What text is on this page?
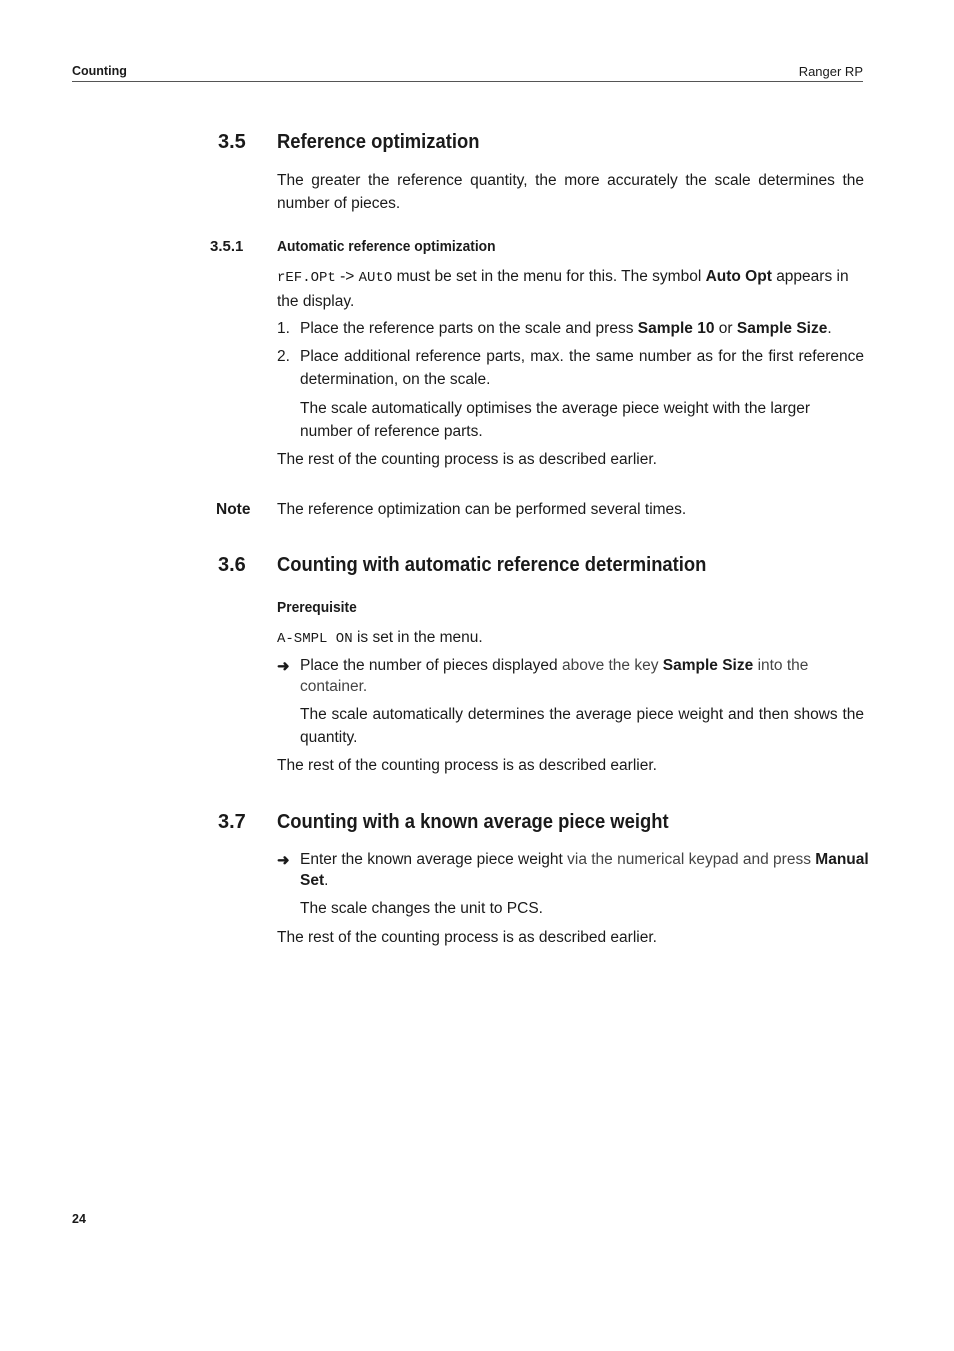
Counting	Ranger RP
3.5 Reference optimization
The greater the reference quantity, the more accurately the scale determines the number of pieces.
3.5.1 Automatic reference optimization
rEF.OPt -> AUtO must be set in the menu for this. The symbol Auto Opt appears in the display.
1. Place the reference parts on the scale and press Sample 10 or Sample Size.
2. Place additional reference parts, max. the same number as for the first reference determination, on the scale.
The scale automatically optimises the average piece weight with the larger number of reference parts.
The rest of the counting process is as described earlier.
Note The reference optimization can be performed several times.
3.6 Counting with automatic reference determination
Prerequisite
A-SMPL ON is set in the menu.
➜ Place the number of pieces displayed above the key Sample Size into the container.
The scale automatically determines the average piece weight and then shows the quantity.
The rest of the counting process is as described earlier.
3.7 Counting with a known average piece weight
➜ Enter the known average piece weight via the numerical keypad and press Manual Set.
The scale changes the unit to PCS.
The rest of the counting process is as described earlier.
24
